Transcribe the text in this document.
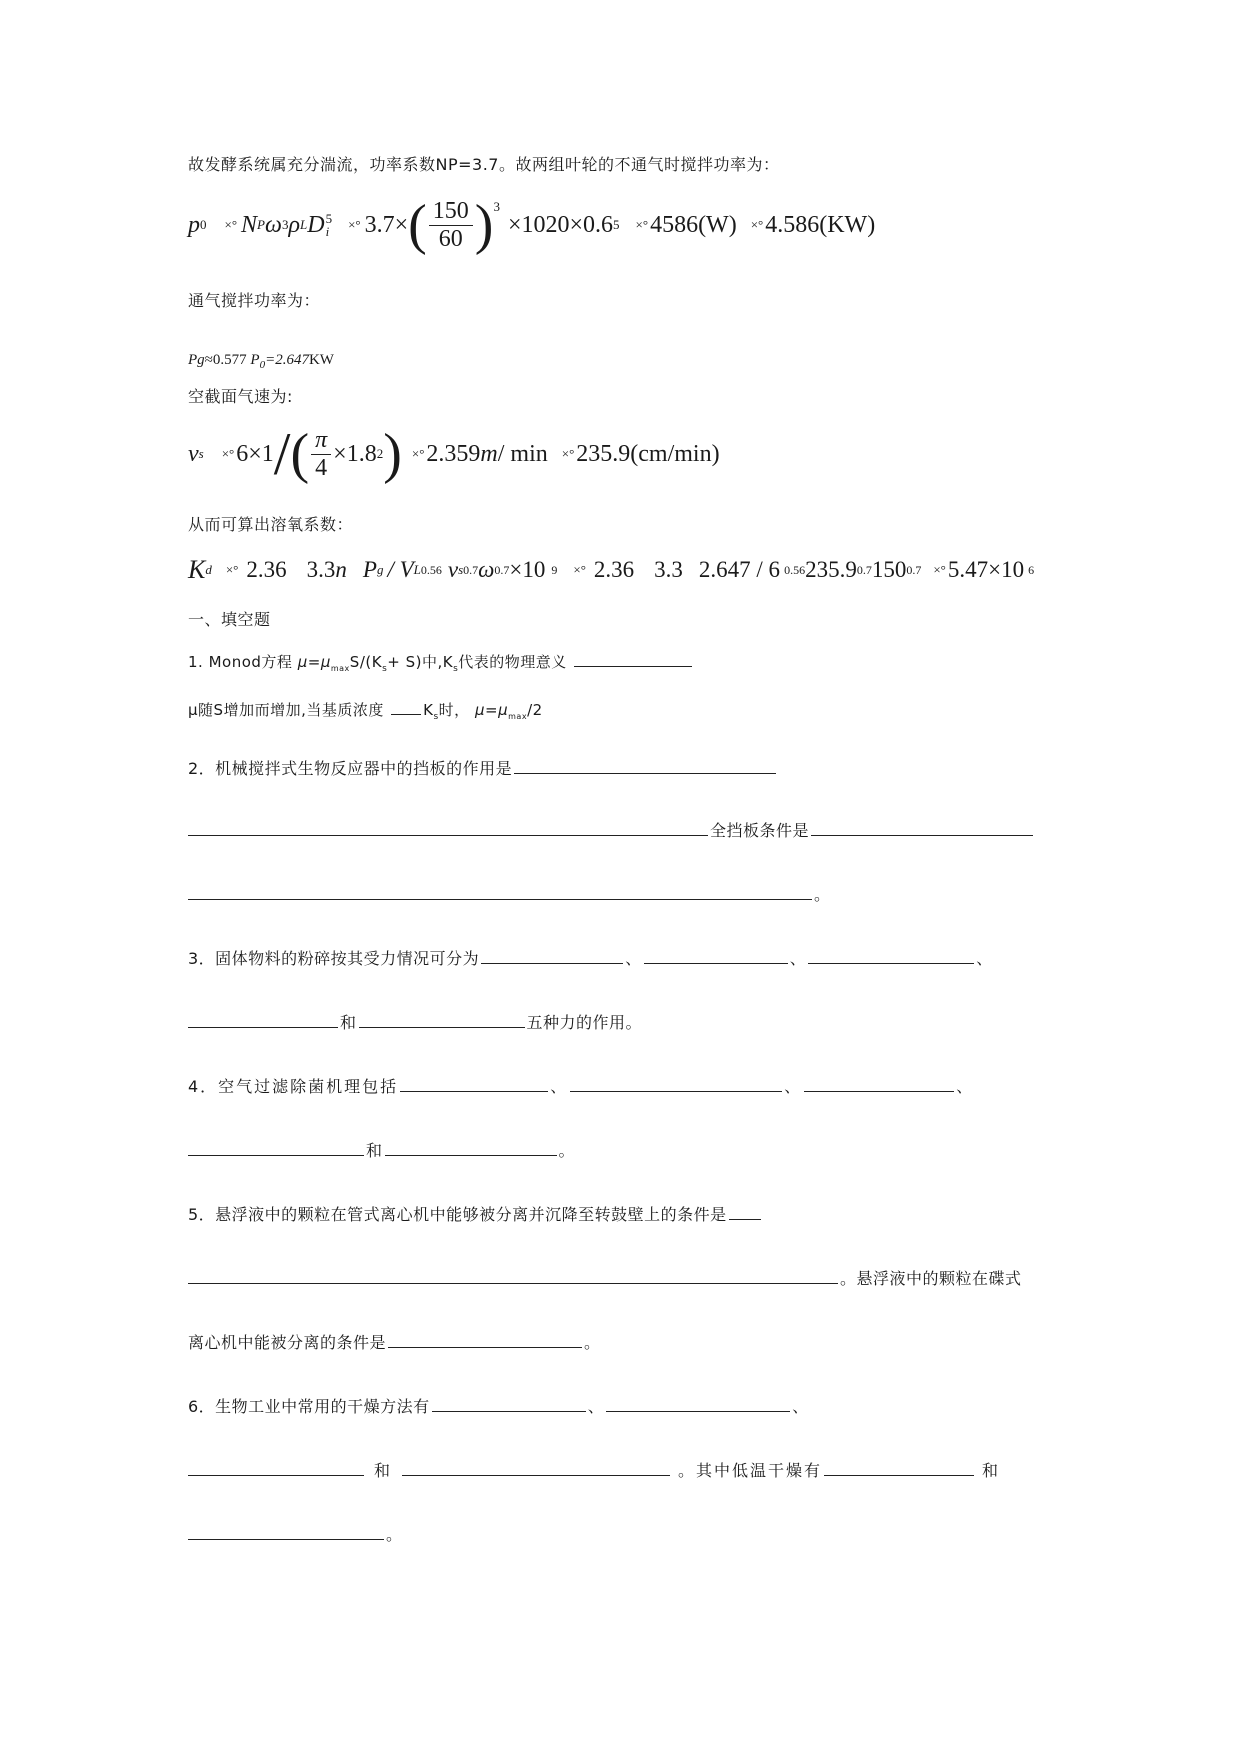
故发酵系统属充分湍流，功率系数NP=3.7。故两组叶轮的不通气时搅拌功率为：
p 0 ×° N P ω 3 ρ L D 5
i ×° 3.7× ( $\frac{150}{60} )^3$
×1020×0.6 5 ×° 4586(W) ×° 4.586(KW)
通气搅拌功率为：
Pg≈0.577 $P_0=2.647KW$
空截面气速为:
v s ×° 6×1 / ( $\frac{\pi}{4} \times 1.8$ 2 ) ×° 2.359 m / min ×° 235.9(cm/min)
从而可算出溶氧系数：
K d ×° 2.36 3.3 n P g / V L 0.56 v s 0.7 ω 0.7 ×10 9 ×° 2.36 3.3 2.647 / 6 0.56 235.9 0.7 150 0.7 ×° 5.47×10 6
一、填空题
1. Monod方程 $\mu=\mu_{max}S/(K_s+ S)$中$,K_s$代表的物理意义
μ随S增加而增加,当基质浓度	$K_s$时， $\mu=\mu_{max}/2$
2．机械搅拌式生物反应器中的挡板的作用是
全挡板条件是
。
3．固体物料的粉碎按其受力情况可分为	、	、	、
和	五种力的作用。
4．空气过滤除菌机理包括	、	、	、
和	。
5．悬浮液中的颗粒在管式离心机中能够被分离并沉降至转鼓壁上的条件是
。悬浮液中的颗粒在碟式
离心机中能被分离的条件是	。
6．生物工业中常用的干燥方法有	、	、
和	。其中低温干燥有	和
。
